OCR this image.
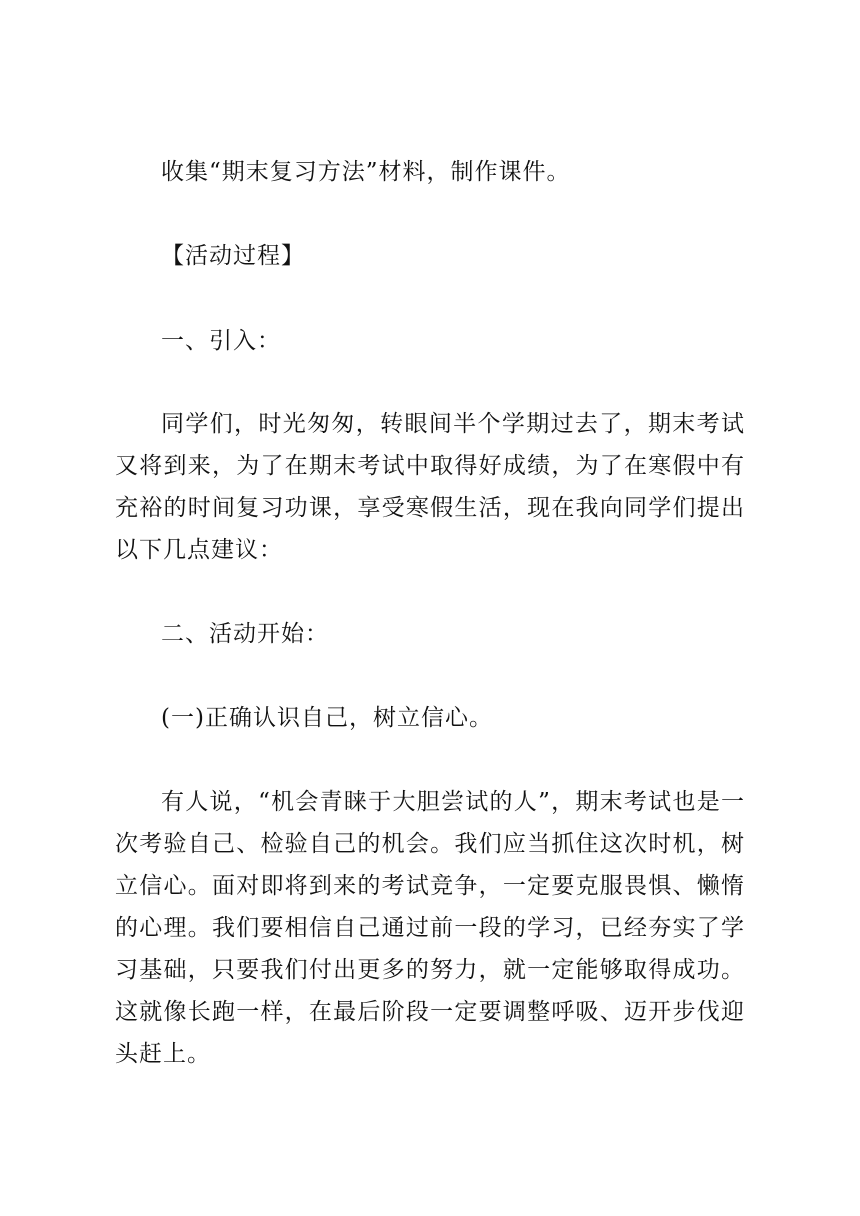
收集“期末复习方法”材料，制作课件。

【活动过程】

一、引入：

同学们，时光匆匆，转眼间半个学期过去了，期末考试又将到来，为了在期末考试中取得好成绩，为了在寒假中有充裕的时间复习功课，享受寒假生活，现在我向同学们提出以下几点建议：

二、活动开始：

(一)正确认识自己，树立信心。

有人说，“机会青睐于大胆尝试的人”，期末考试也是一次考验自己、检验自己的机会。我们应当抓住这次时机，树立信心。面对即将到来的考试竞争，一定要克服畏惧、懒惰的心理。我们要相信自己通过前一段的学习，已经夯实了学习基础，只要我们付出更多的努力，就一定能够取得成功。这就像长跑一样，在最后阶段一定要调整呼吸、迈开步伐迎头赶上。
